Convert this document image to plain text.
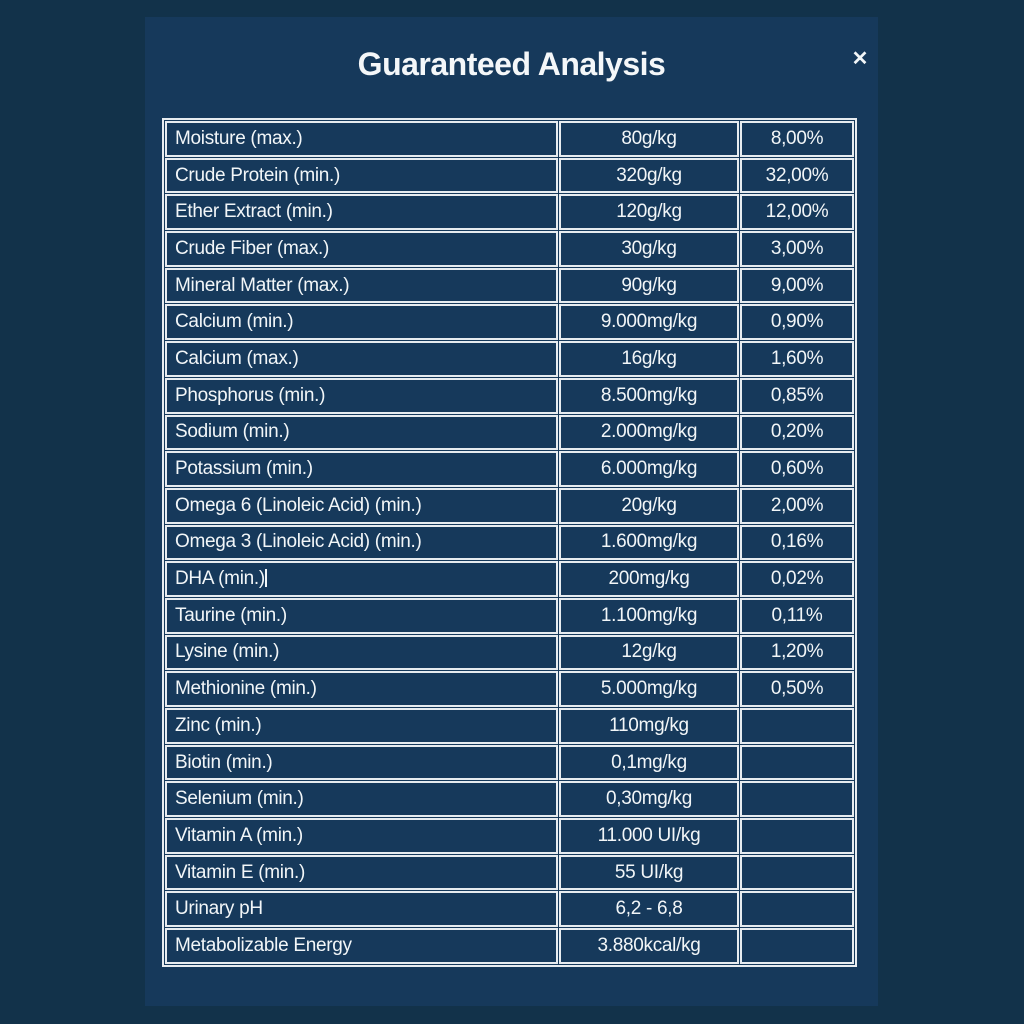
✕
Guaranteed Analysis
Moisture (max.)	80g/kg	8,00%
Crude Protein (min.)	320g/kg	32,00%
Ether Extract (min.)	120g/kg	12,00%
Crude Fiber (max.)	30g/kg	3,00%
Mineral Matter (max.)	90g/kg	9,00%
Calcium (min.)	9.000mg/kg	0,90%
Calcium (max.)	16g/kg	1,60%
Phosphorus (min.)	8.500mg/kg	0,85%
Sodium (min.)	2.000mg/kg	0,20%
Potassium (min.)	6.000mg/kg	0,60%
Omega 6 (Linoleic Acid) (min.)	20g/kg	2,00%
Omega 3 (Linoleic Acid) (min.)	1.600mg/kg	0,16%
DHA (min.)	200mg/kg	0,02%
Taurine (min.)	1.100mg/kg	0,11%
Lysine (min.)	12g/kg	1,20%
Methionine (min.)	5.000mg/kg	0,50%
Zinc (min.)	110mg/kg	
Biotin (min.)	0,1mg/kg	
Selenium (min.)	0,30mg/kg	
Vitamin A (min.)	11.000 UI/kg	
Vitamin E (min.)	55 UI/kg	
Urinary pH	6,2 - 6,8	
Metabolizable Energy	3.880kcal/kg	
